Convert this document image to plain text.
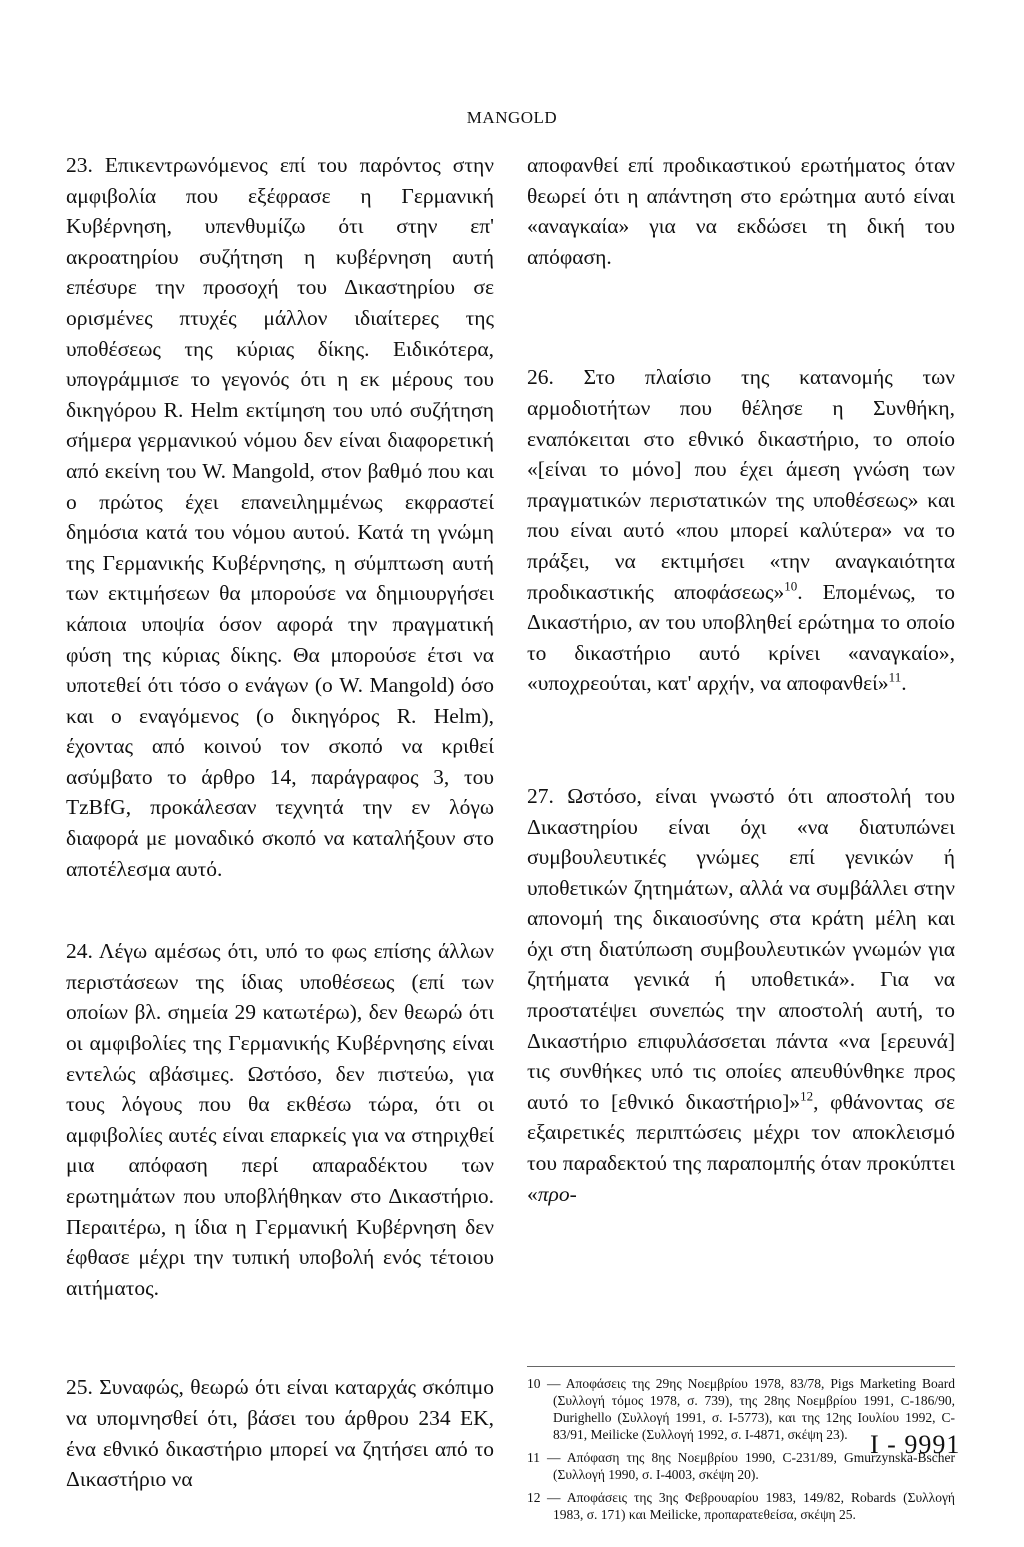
MANGOLD

23. Επικεντρωνόμενος επί του παρόντος στην αμφιβολία που εξέφρασε η Γερμανική Κυβέρνηση, υπενθυμίζω ότι στην επ' ακροατηρίου συζήτηση η κυβέρνηση αυτή επέσυρε την προσοχή του Δικαστηρίου σε ορισμένες πτυχές μάλλον ιδιαίτερες της υποθέσεως της κύριας δίκης. Ειδικότερα, υπογράμμισε το γεγονός ότι η εκ μέρους του δικηγόρου R. Helm εκτίμηση του υπό συζήτηση σήμερα γερμανικού νόμου δεν είναι διαφορετική από εκείνη του W. Mangold, στον βαθμό που και ο πρώτος έχει επανειλημμένως εκφραστεί δημόσια κατά του νόμου αυτού. Κατά τη γνώμη της Γερμανικής Κυβέρνησης, η σύμπτωση αυτή των εκτιμήσεων θα μπορούσε να δημιουργήσει κάποια υποψία όσον αφορά την πραγματική φύση της κύριας δίκης. Θα μπορούσε έτσι να υποτεθεί ότι τόσο ο ενάγων (ο W. Mangold) όσο και ο εναγόμενος (ο δικηγόρος R. Helm), έχοντας από κοινού τον σκοπό να κριθεί ασύμβατο το άρθρο 14, παράγραφος 3, του TzBfG, προκάλεσαν τεχνητά την εν λόγω διαφορά με μοναδικό σκοπό να καταλήξουν στο αποτέλεσμα αυτό.

24. Λέγω αμέσως ότι, υπό το φως επίσης άλλων περιστάσεων της ίδιας υποθέσεως (επί των οποίων βλ. σημεία 29 κατωτέρω), δεν θεωρώ ότι οι αμφιβολίες της Γερμανικής Κυβέρνησης είναι εντελώς αβάσιμες. Ωστόσο, δεν πιστεύω, για τους λόγους που θα εκθέσω τώρα, ότι οι αμφιβολίες αυτές είναι επαρκείς για να στηριχθεί μια απόφαση περί απαραδέκτου των ερωτημάτων που υποβλήθηκαν στο Δικαστήριο. Περαιτέρω, η ίδια η Γερμανική Κυβέρνηση δεν έφθασε μέχρι την τυπική υποβολή ενός τέτοιου αιτήματος.

25. Συναφώς, θεωρώ ότι είναι καταρχάς σκόπιμο να υπομνησθεί ότι, βάσει του άρθρου 234 ΕΚ, ένα εθνικό δικαστήριο μπορεί να ζητήσει από το Δικαστήριο να

αποφανθεί επί προδικαστικού ερωτήματος όταν θεωρεί ότι η απάντηση στο ερώτημα αυτό είναι «αναγκαία» για να εκδώσει τη δική του απόφαση.

26. Στο πλαίσιο της κατανομής των αρμοδιοτήτων που θέλησε η Συνθήκη, εναπόκειται στο εθνικό δικαστήριο, το οποίο «[είναι το μόνο] που έχει άμεση γνώση των πραγματικών περιστατικών της υποθέσεως» και που είναι αυτό «που μπορεί καλύτερα» να το πράξει, να εκτιμήσει «την αναγκαιότητα προδικαστικής αποφάσεως»$^{10}$. Επομένως, το Δικαστήριο, αν του υποβληθεί ερώτημα το οποίο το δικαστήριο αυτό κρίνει «αναγκαίο», «υποχρεούται, κατ' αρχήν, να αποφανθεί»$^{11}$.

27. Ωστόσο, είναι γνωστό ότι αποστολή του Δικαστηρίου είναι όχι «να διατυπώνει συμβουλευτικές γνώμες επί γενικών ή υποθετικών ζητημάτων, αλλά να συμβάλλει στην απονομή της δικαιοσύνης στα κράτη μέλη και όχι στη διατύπωση συμβουλευτικών γνωμών για ζητήματα γενικά ή υποθετικά». Για να προστατέψει συνεπώς την αποστολή αυτή, το Δικαστήριο επιφυλάσσεται πάντα «να [ερευνά] τις συνθήκες υπό τις οποίες απευθύνθηκε προς αυτό το [εθνικό δικαστήριο]»$^{12}$, φθάνοντας σε εξαιρετικές περιπτώσεις μέχρι τον αποκλεισμό του παραδεκτού της παραπομπής όταν προκύπτει «προ-

10 — Αποφάσεις της 29ης Νοεμβρίου 1978, 83/78, Pigs Marketing Board (Συλλογή τόμος 1978, σ. 739), της 28ης Νοεμβρίου 1991, C-186/90, Durighello (Συλλογή 1991, σ. I-5773), και της 12ης Ιουλίου 1992, C-83/91, Meilicke (Συλλογή 1992, σ. I-4871, σκέψη 23).

11 — Απόφαση της 8ης Νοεμβρίου 1990, C-231/89, Gmurzynska-Bscher (Συλλογή 1990, σ. I-4003, σκέψη 20).

12 — Αποφάσεις της 3ης Φεβρουαρίου 1983, 149/82, Robards (Συλλογή 1983, σ. 171) και Meilicke, προπαρατεθείσα, σκέψη 25.

I - 9991
